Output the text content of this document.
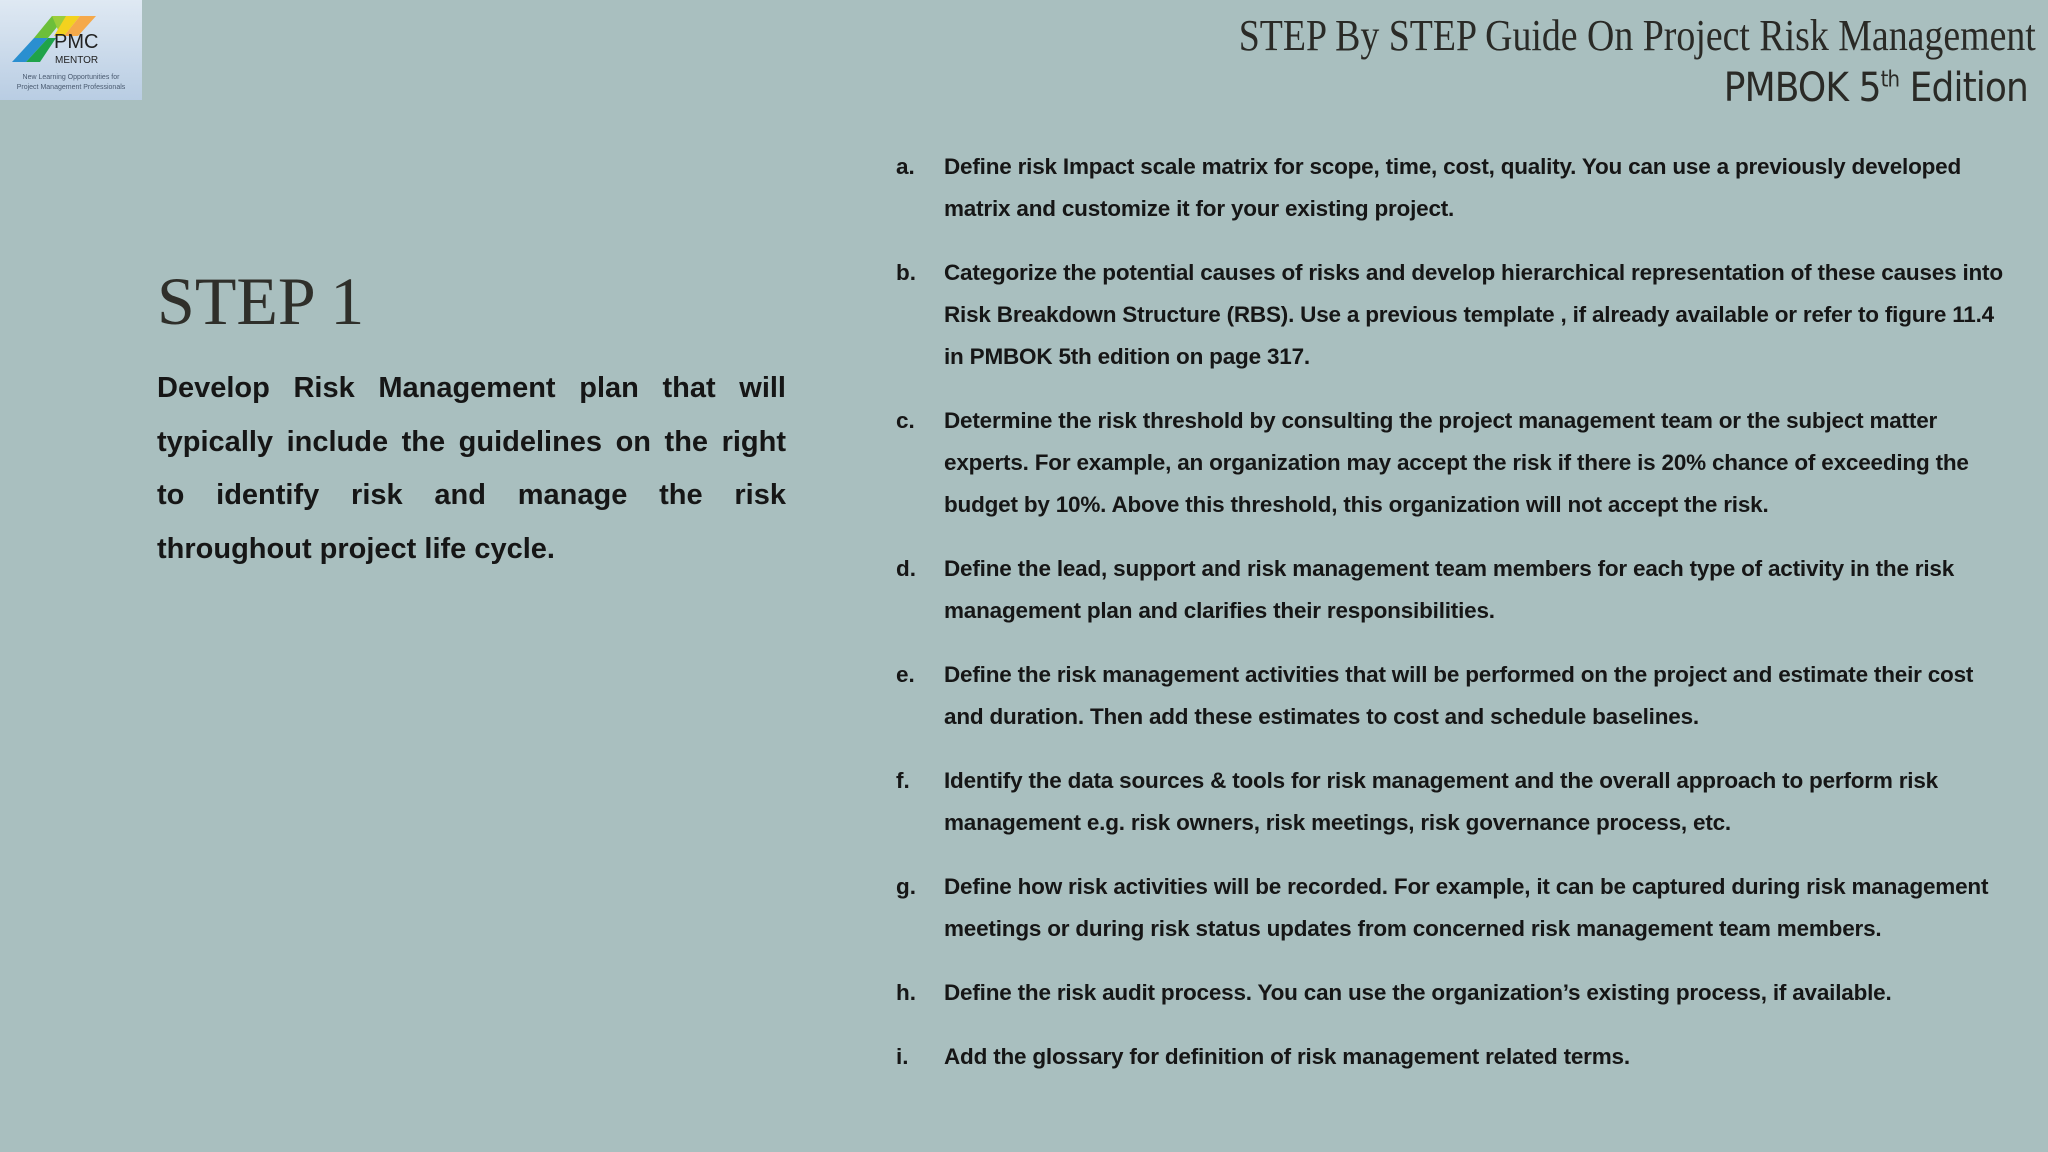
PMC
MENTOR
New Learning Opportunities for
Project Management Professionals
STEP By STEP Guide On Project Risk Management
PMBOK 5th Edition
STEP 1
Develop Risk Management plan that will typically include the guidelines on the right to identify risk and manage the risk throughout project life cycle.
a.	Define risk Impact scale matrix for scope, time, cost, quality. You can use a previously developed matrix and customize it for your existing project.
b.	Categorize the potential causes of risks and develop hierarchical representation of these causes into Risk Breakdown Structure (RBS). Use a previous template , if already available or refer to figure 11.4 in PMBOK 5th edition on page 317.
c.	Determine the risk threshold by consulting the project management team or the subject matter experts. For example, an organization may accept the risk if there is 20% chance of exceeding the budget by 10%. Above this threshold, this organization will not accept the risk.
d.	Define the lead, support and risk management team members for each type of activity in the risk management plan and clarifies their responsibilities.
e.	Define the risk management activities that will be performed on the project and estimate their cost and duration. Then add these estimates to cost and schedule baselines.
f.	Identify the data sources & tools for risk management and the overall approach to perform risk management e.g. risk owners, risk meetings, risk governance process, etc.
g.	Define how risk activities will be recorded. For example, it can be captured during risk management meetings or during risk status updates from concerned risk management team members.
h.	Define the risk audit process. You can use the organization’s existing process, if available.
i.	Add the glossary for definition of risk management related terms.
